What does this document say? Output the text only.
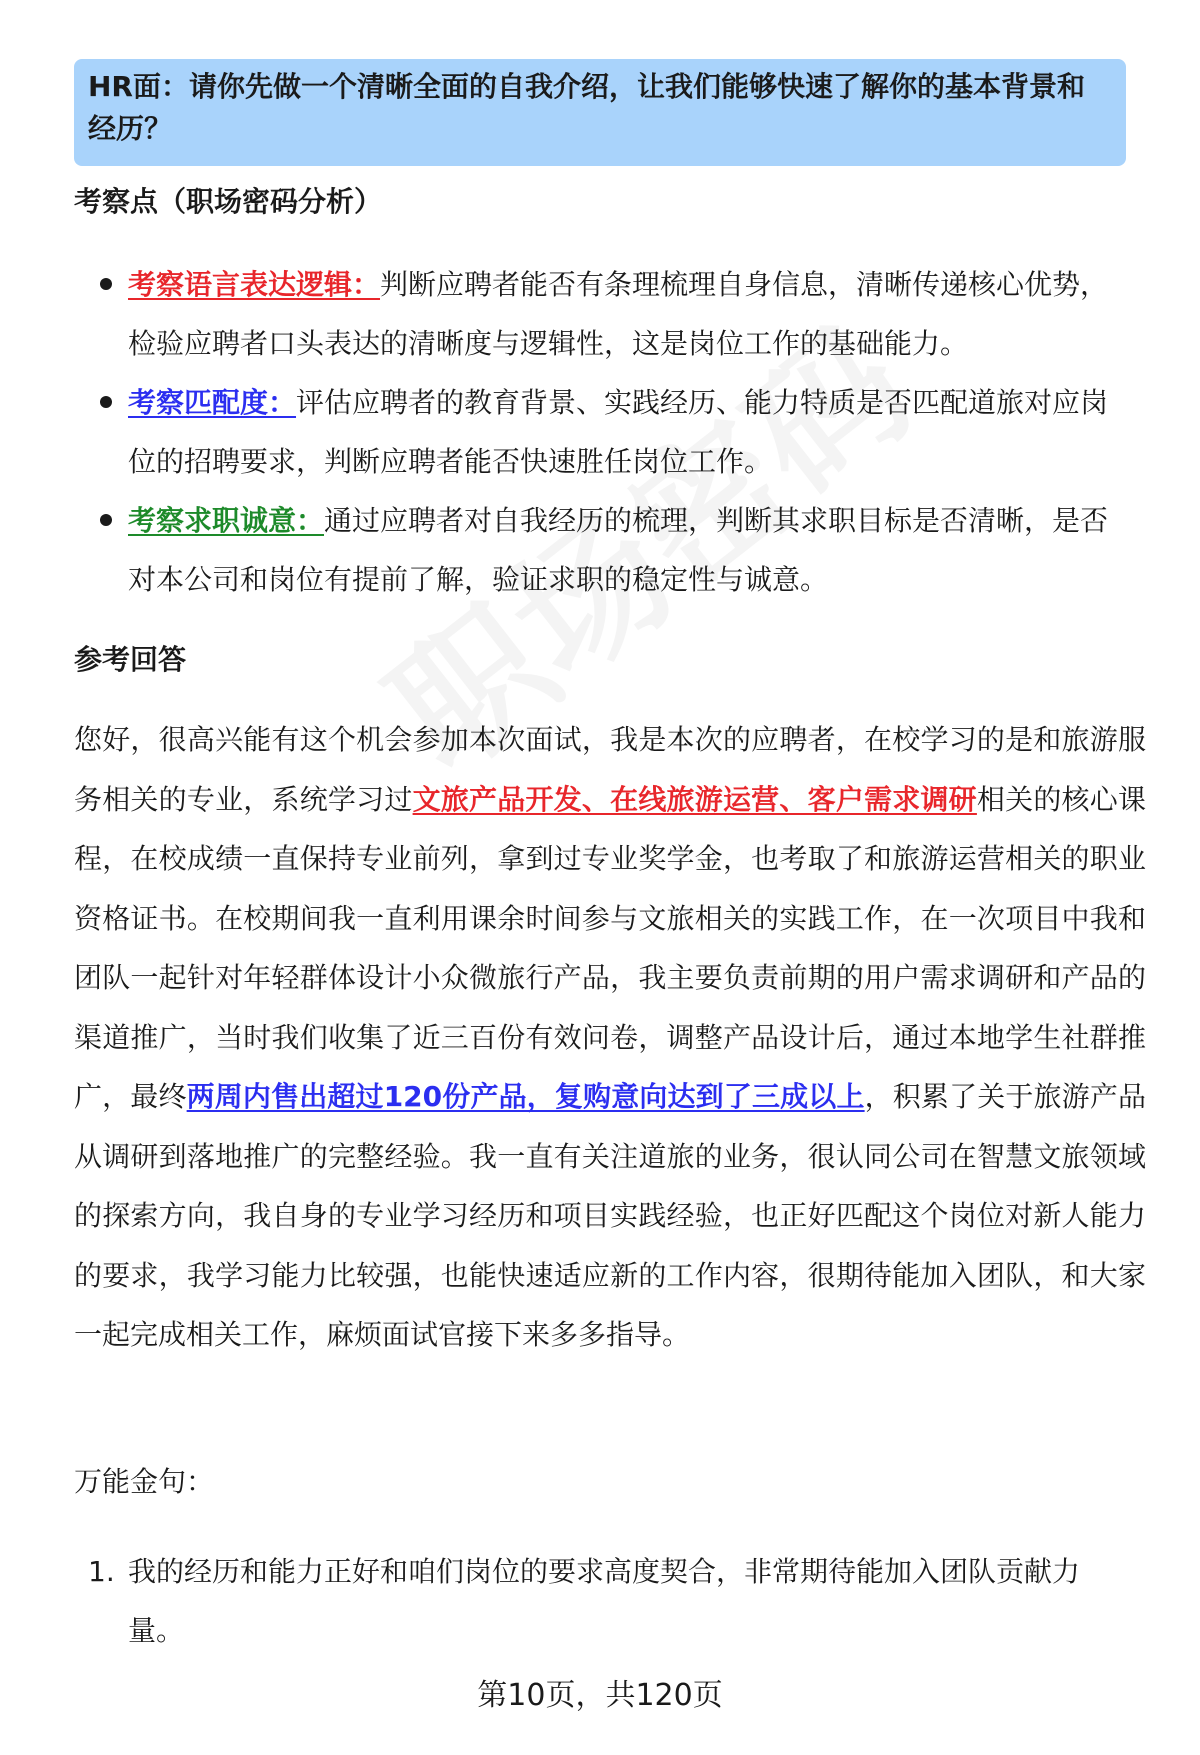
HR面：请你先做一个清晰全面的自我介绍，让我们能够快速了解你的基本背景和经历？
考察点（职场密码分析）
考察语言表达逻辑：判断应聘者能否有条理梳理自身信息，清晰传递核心优势，检验应聘者口头表达的清晰度与逻辑性，这是岗位工作的基础能力。
考察匹配度：评估应聘者的教育背景、实践经历、能力特质是否匹配道旅对应岗位的招聘要求，判断应聘者能否快速胜任岗位工作。
考察求职诚意：通过应聘者对自我经历的梳理，判断其求职目标是否清晰，是否对本公司和岗位有提前了解，验证求职的稳定性与诚意。
参考回答
您好，很高兴能有这个机会参加本次面试，我是本次的应聘者，在校学习的是和旅游服务相关的专业，系统学习过文旅产品开发、在线旅游运营、客户需求调研相关的核心课程，在校成绩一直保持专业前列，拿到过专业奖学金，也考取了和旅游运营相关的职业资格证书。在校期间我一直利用课余时间参与文旅相关的实践工作，在一次项目中我和团队一起针对年轻群体设计小众微旅行产品，我主要负责前期的用户需求调研和产品的渠道推广，当时我们收集了近三百份有效问卷，调整产品设计后，通过本地学生社群推广，最终两周内售出超过120份产品，复购意向达到了三成以上，积累了关于旅游产品从调研到落地推广的完整经验。我一直有关注道旅的业务，很认同公司在智慧文旅领域的探索方向，我自身的专业学习经历和项目实践经验，也正好匹配这个岗位对新人能力的要求，我学习能力比较强，也能快速适应新的工作内容，很期待能加入团队，和大家一起完成相关工作，麻烦面试官接下来多多指导。
万能金句：
1. 我的经历和能力正好和咱们岗位的要求高度契合，非常期待能加入团队贡献力量。
第10页，共120页
